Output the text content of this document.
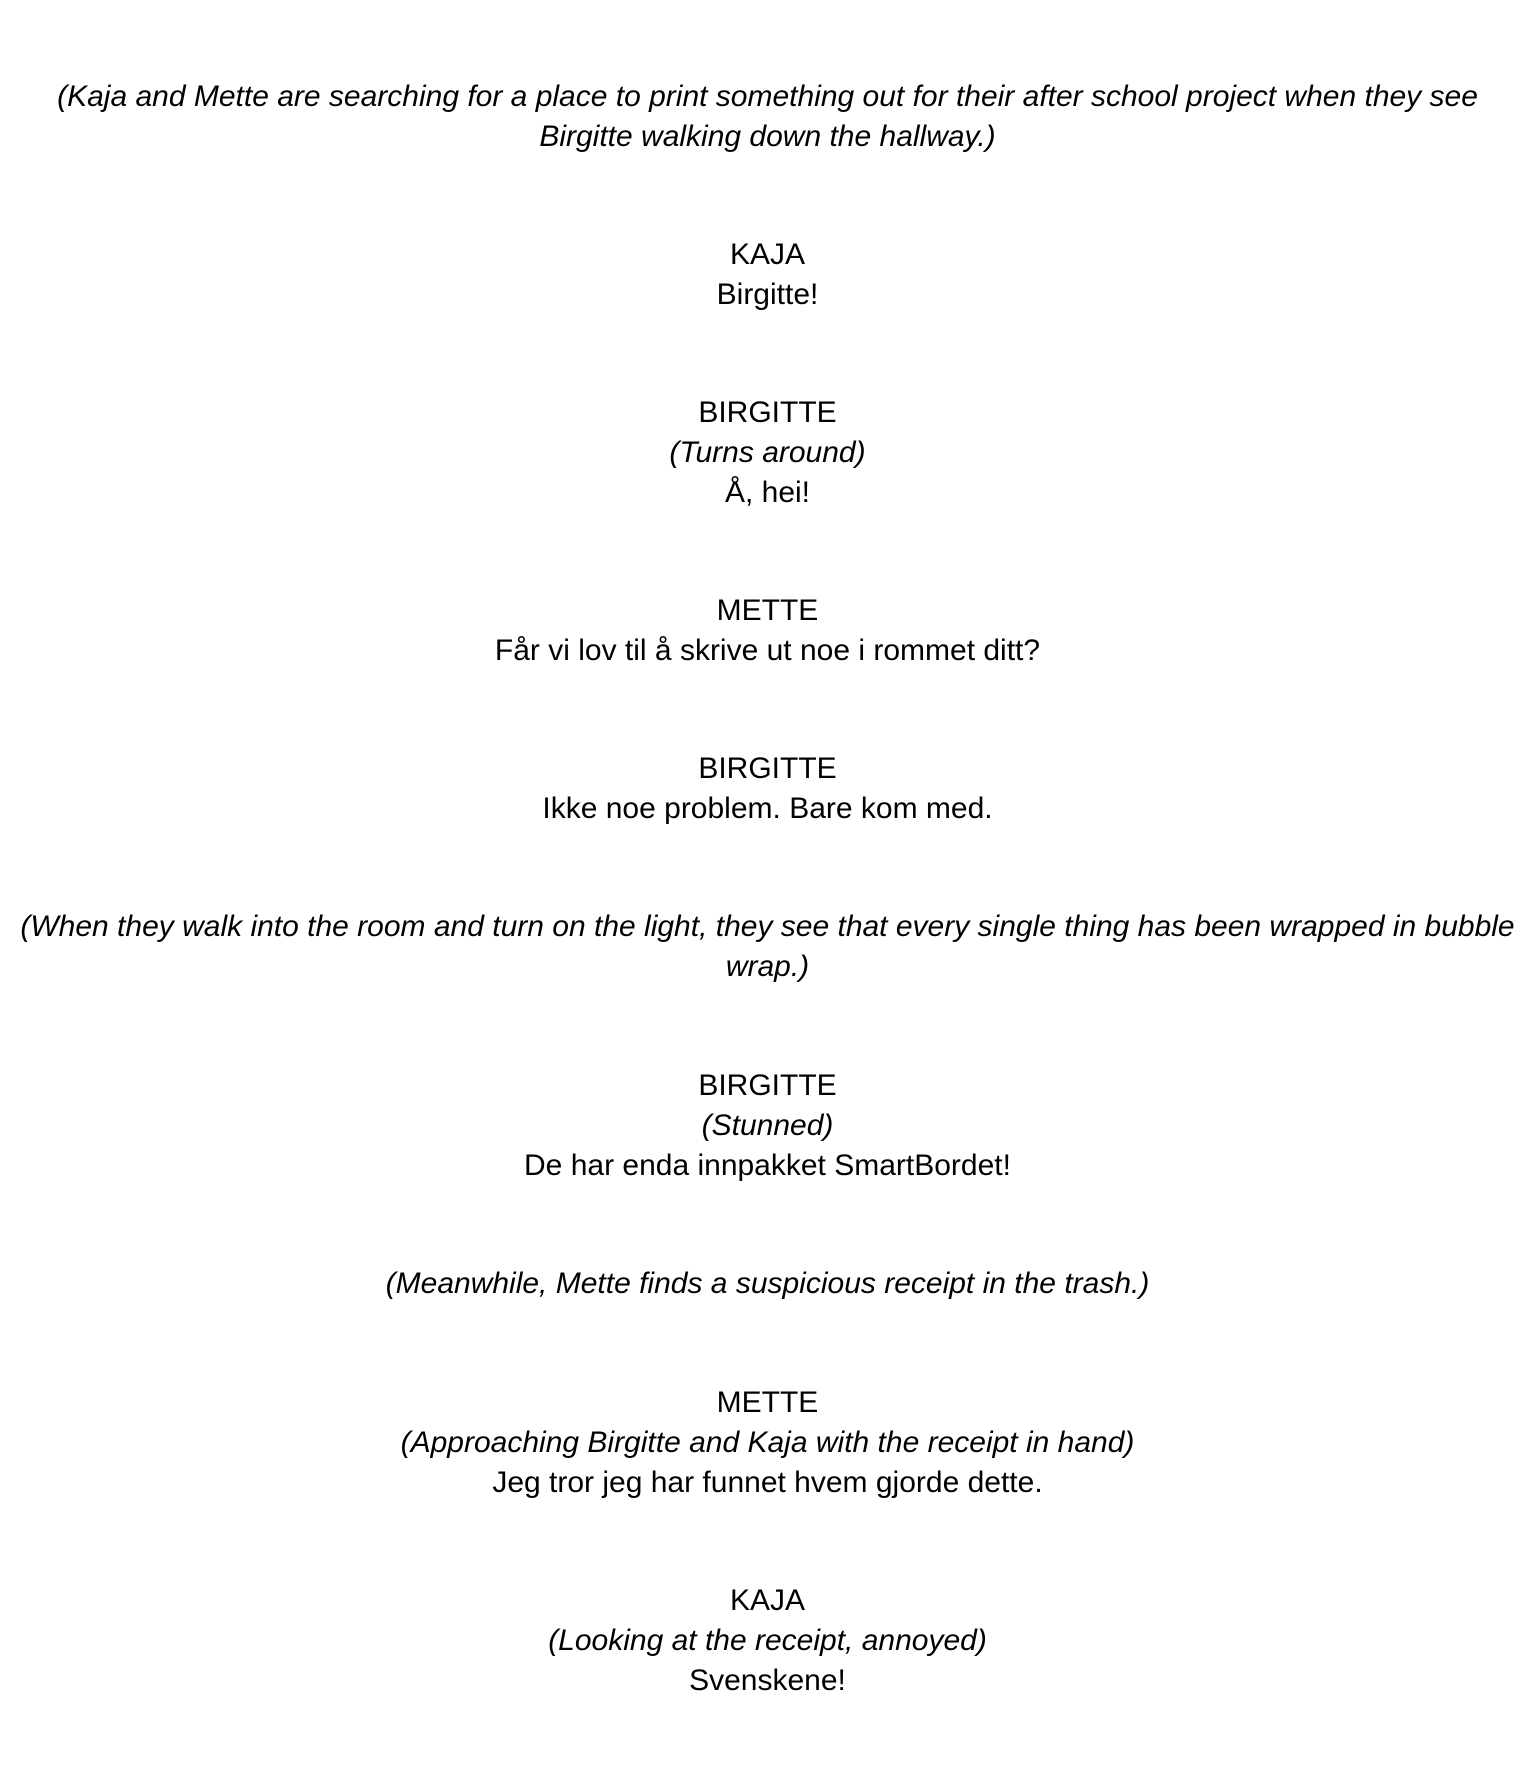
(Kaja and Mette are searching for a place to print something out for their after school project when they see Birgitte walking down the hallway.)
KAJA
Birgitte!
BIRGITTE
(Turns around)
Å, hei!
METTE
Får vi lov til å skrive ut noe i rommet ditt?
BIRGITTE
Ikke noe problem. Bare kom med.
(When they walk into the room and turn on the light, they see that every single thing has been wrapped in bubble wrap.)
BIRGITTE
(Stunned)
De har enda innpakket SmartBordet!
(Meanwhile, Mette finds a suspicious receipt in the trash.)
METTE
(Approaching Birgitte and Kaja with the receipt in hand)
Jeg tror jeg har funnet hvem gjorde dette.
KAJA
(Looking at the receipt, annoyed)
Svenskene!
